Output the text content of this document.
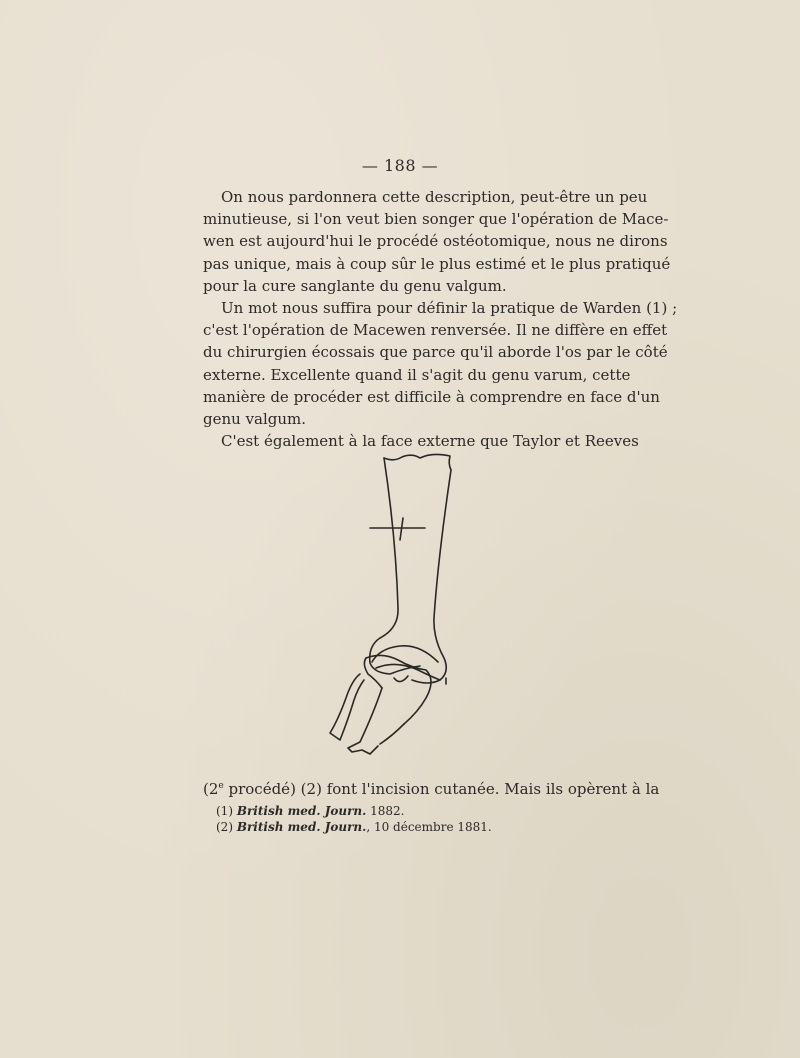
— 188 —

On nous pardonnera cette description, peut-être un peu
minutieuse, si l'on veut bien songer que l'opération de Mace-
wen est aujourd'hui le procédé ostéotomique, nous ne dirons
pas unique, mais à coup sûr le plus estimé et le plus pratiqué
pour la cure sanglante du genu valgum.

Un mot nous suffira pour définir la pratique de Warden (1) ;
c'est l'opération de Macewen renversée. Il ne diffère en effet
du chirurgien écossais que parce qu'il aborde l'os par le côté
externe. Excellente quand il s'agit du genu varum, cette
manière de procéder est difficile à comprendre en face d'un
genu valgum.

C'est également à la face externe que Taylor et Reeves

(2e procédé) (2) font l'incision cutanée. Mais ils opèrent à la
(1) British med. Journ. 1882.
(2) British med. Journ., 10 décembre 1881.
